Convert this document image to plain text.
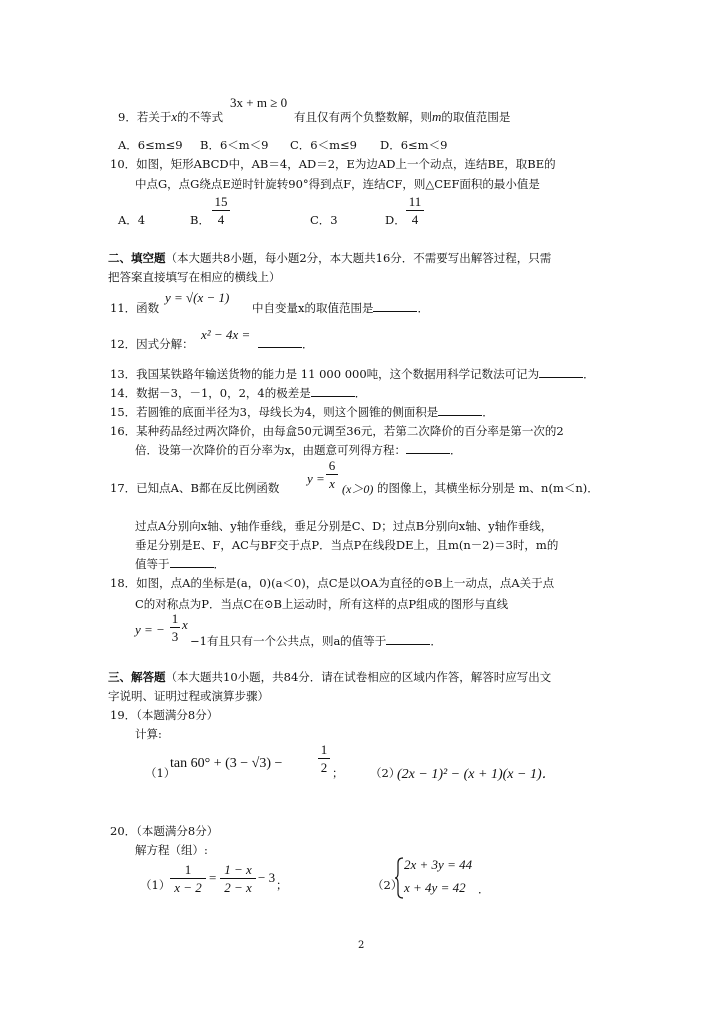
3x + m ≥ 0
9．若关于x的不等式	有且仅有两个负整数解，则m的取值范围是
A．6≤m≤9 B．6＜m＜9 C．6＜m≤9 D．6≤m＜9
10．如图，矩形ABCD中，AB＝4，AD＝2，E为边AD上一个动点，连结BE，取BE的
中点G，点G绕点E逆时针旋转90°得到点F，连结CF，则△CEF面积的最小值是
A．4	B．
15
4	C．3	D．
11
4
二、填空题（本大题共8小题，每小题2分，本大题共16分．不需要写出解答过程，只需
把答案直接填写在相应的横线上）
11．函数
y = √(x − 1)
中自变量x的取值范围是	．
12．因式分解：
x² − 4x =
．
13．我国某铁路年输送货物的能力是 11 000 000吨，这个数据用科学记数法可记为	．
14．数据－3，－1，0，2，4的极差是	．
15．若圆锥的底面半径为3，母线长为4，则这个圆锥的侧面积是	．
16．某种药品经过两次降价，由每盒50元调至36元，若第二次降价的百分率是第一次的2
倍．设第一次降价的百分率为x，由题意可列得方程：	．
17．已知点A、B都在反比例函数
y =
6
x (x＞0) 的图像上，其横坐标分别是 m、n(m＜n)．
过点A分别向x轴、y轴作垂线，垂足分别是C、D；过点B分别向x轴、y轴作垂线，
垂足分别是E、F，AC与BF交于点P．当点P在线段DE上，且m(n－2)＝3时，m的
值等于	．
18．如图，点A的坐标是(a，0)(a＜0)，点C是以OA为直径的⊙B上一动点，点A关于点
C的对称点为P．当点C在⊙B上运动时，所有这样的点P组成的图形与直线
y = −
1
3
x
−1有且只有一个公共点，则a的值等于	．
三、解答题（本大题共10小题，共84分．请在试卷相应的区域内作答，解答时应写出文
字说明、证明过程或演算步骤）
19．（本题满分8分）
计算:
（1）
tan 60° + (3 − √3) −
1
2 ； （2）
(2x − 1)² − (x + 1)(x − 1)．
20．（本题满分8分）
解方程（组）:
（1）
1
x − 2
=
1 − x
2 − x
− 3 ；	（2）
2x + 3y = 44
x + 4y = 42 ．
2
